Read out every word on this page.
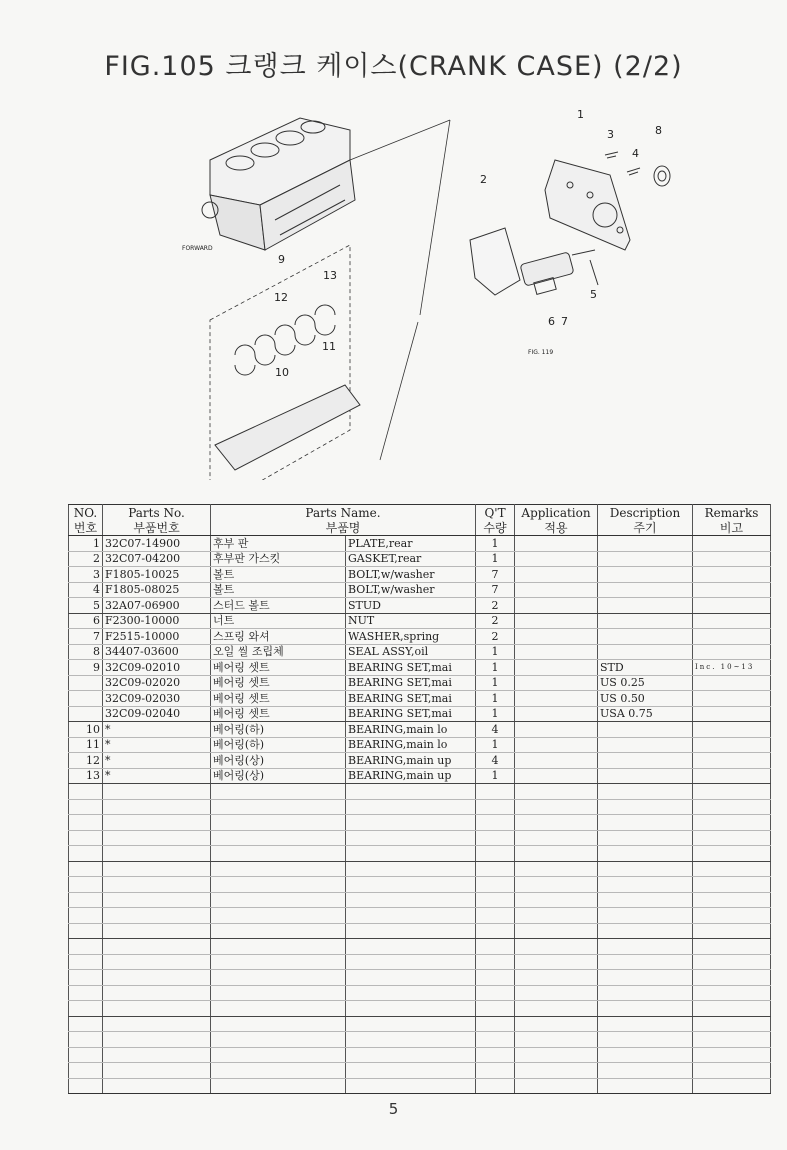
FIG.105 크랭크 케이스(CRANK CASE) (2/2)
1
2
3
4
5
6 7
8
9
10
11
12
13
FORWARD
FIG. 119
NO.	Parts No.	Parts Name.		Q'T	Application	Description	Remarks
번호	부품번호	부품명		수량	적용	주기	비고
1	32C07-14900	후부 판	PLATE,rear	1			
2	32C07-04200	후부판 가스킷	GASKET,rear	1			
3	F1805-10025	볼트	BOLT,w/washer	7			
4	F1805-08025	볼트	BOLT,w/washer	7			
5	32A07-06900	스터드 볼트	STUD	2			
6	F2300-10000	너트	NUT	2			
7	F2515-10000	스프링 와셔	WASHER,spring	2			
8	34407-03600	오일 씰 조립체	SEAL ASSY,oil	1			
9	32C09-02010	베어링 셋트	BEARING SET,mai	1		STD	Inc. 10~13
	32C09-02020	베어링 셋트	BEARING SET,mai	1		US 0.25	
	32C09-02030	베어링 셋트	BEARING SET,mai	1		US 0.50	
	32C09-02040	베어링 셋트	BEARING SET,mai	1		USA 0.75	
10	*	베어링(하)	BEARING,main lo	4			
11	*	베어링(하)	BEARING,main lo	1			
12	*	베어링(상)	BEARING,main up	4			
13	*	베어링(상)	BEARING,main up	1			

5
